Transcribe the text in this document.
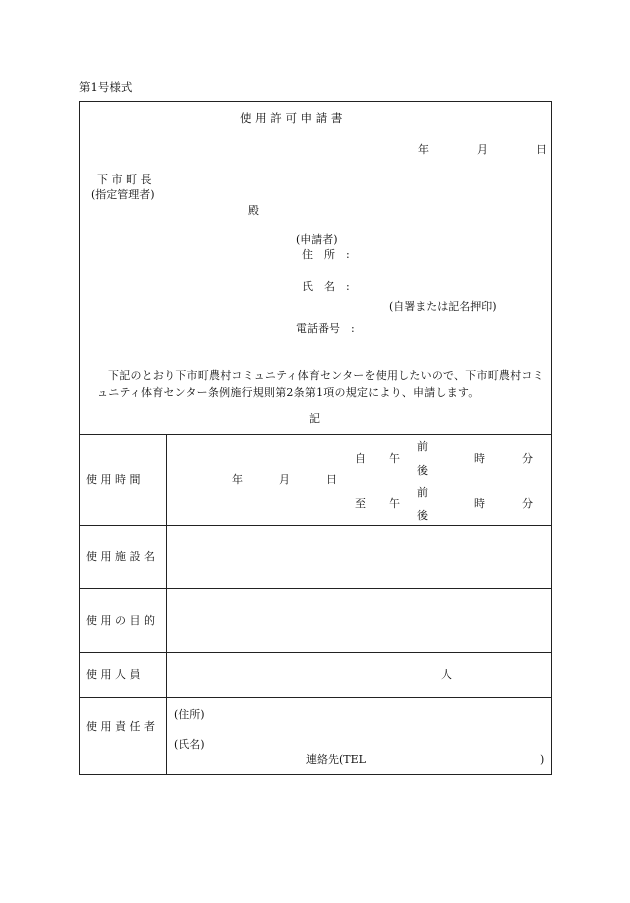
第1号様式
使 用 許 可 申 請 書
年	月	日
下 市 町 長
(指定管理者)
殿
(申請者)
住　所　:
氏　名　:
(自署または記名押印)
電話番号　:
下記のとおり下市町農村コミュニティ体育センターを使用したいので、下市町農村コミュニティ体育センター条例施行規則第2条第1項の規定により、申請します。
記
使 用 時 間	年	月	日
前
自 午	時	分
後
前
至 午	時	分
後
使 用 施 設 名
使 用 の 目 的
使 用 人 員	人
使 用 責 任 者
(住所)
(氏名)
連絡先(TEL	)
